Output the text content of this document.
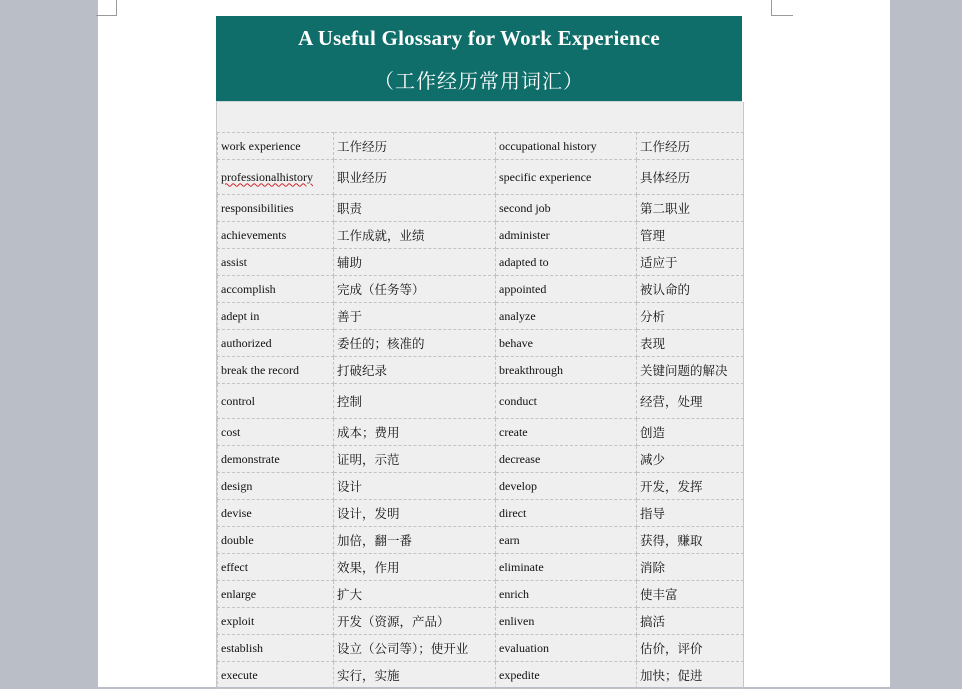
A Useful Glossary for Work Experience
（工作经历常用词汇）
work experience	工作经历	occupational history	工作经历
professionalhistory	职业经历	specific experience	具体经历
responsibilities	职责	second job	第二职业
achievements	工作成就，业绩	administer	管理
assist	辅助	adapted to	适应于
accomplish	完成（任务等）	appointed	被认命的
adept in	善于	analyze	分析
authorized	委任的；核准的	behave	表现
break the record	打破纪录	breakthrough	关键问题的解决
control	控制	conduct	经营，处理
cost	成本；费用	create	创造
demonstrate	证明，示范	decrease	减少
design	设计	develop	开发，发挥
devise	设计，发明	direct	指导
double	加倍，翻一番	earn	获得，赚取
effect	效果，作用	eliminate	消除
enlarge	扩大	enrich	使丰富
exploit	开发（资源，产品）	enliven	搞活
establish	设立（公司等）；使开业	evaluation	估价，评价
execute	实行，实施	expedite	加快；促进
